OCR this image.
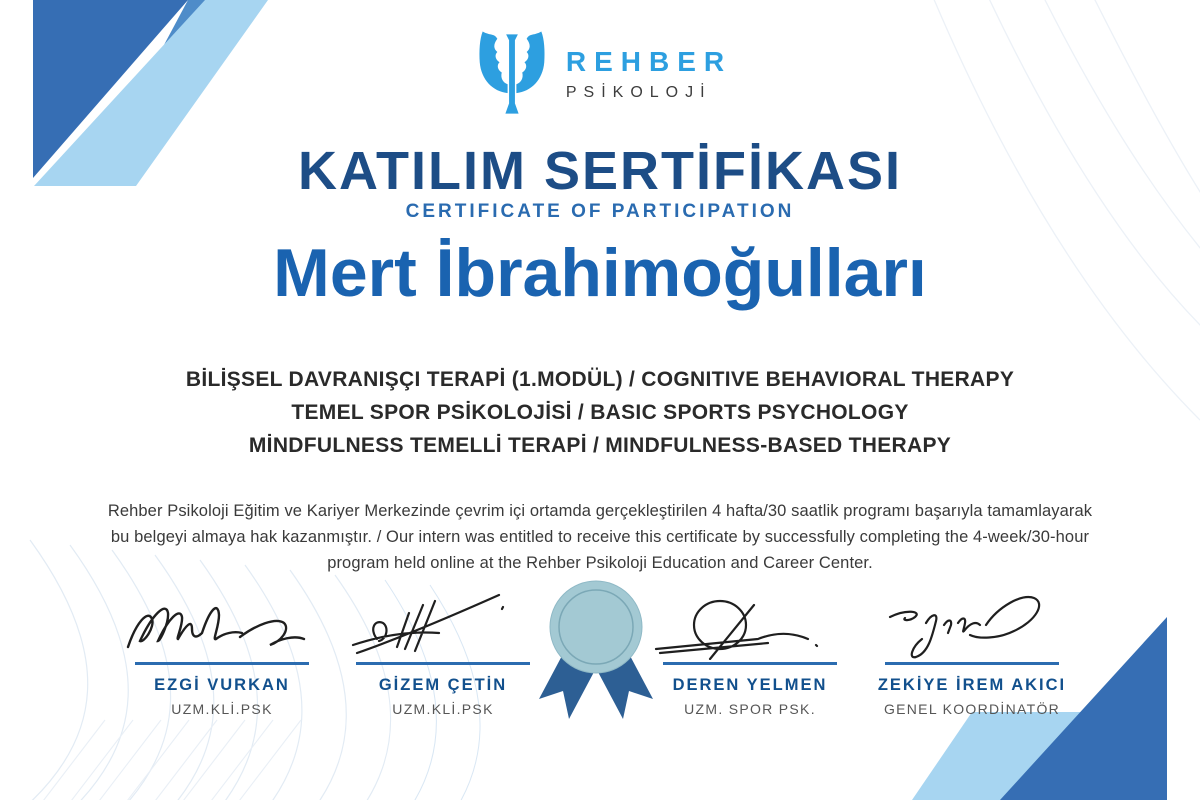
REHBER
PSİKOLOJİ
KATILIM SERTİFİKASI
CERTIFICATE OF PARTICIPATION
Mert İbrahimoğulları
BİLİŞSEL DAVRANIŞÇI TERAPİ (1.MODÜL) / COGNITIVE BEHAVIORAL THERAPY
TEMEL SPOR PSİKOLOJİSİ / BASIC SPORTS PSYCHOLOGY
MİNDFULNESS TEMELLİ TERAPİ / MINDFULNESS-BASED THERAPY

Rehber Psikoloji Eğitim ve Kariyer Merkezinde çevrim içi ortamda gerçekleştirilen 4 hafta/30 saatlik programı başarıyla tamamlayarak bu belgeyi almaya hak kazanmıştır. / Our intern was entitled to receive this certificate by successfully completing the 4-week/30-hour program held online at the Rehber Psikoloji Education and Career Center.

EZGİ VURKAN
UZM.KLİ.PSK
GİZEM ÇETİN
UZM.KLİ.PSK
DEREN YELMEN
UZM. SPOR PSK.
ZEKİYE İREM AKICI
GENEL KOORDİNATÖR
